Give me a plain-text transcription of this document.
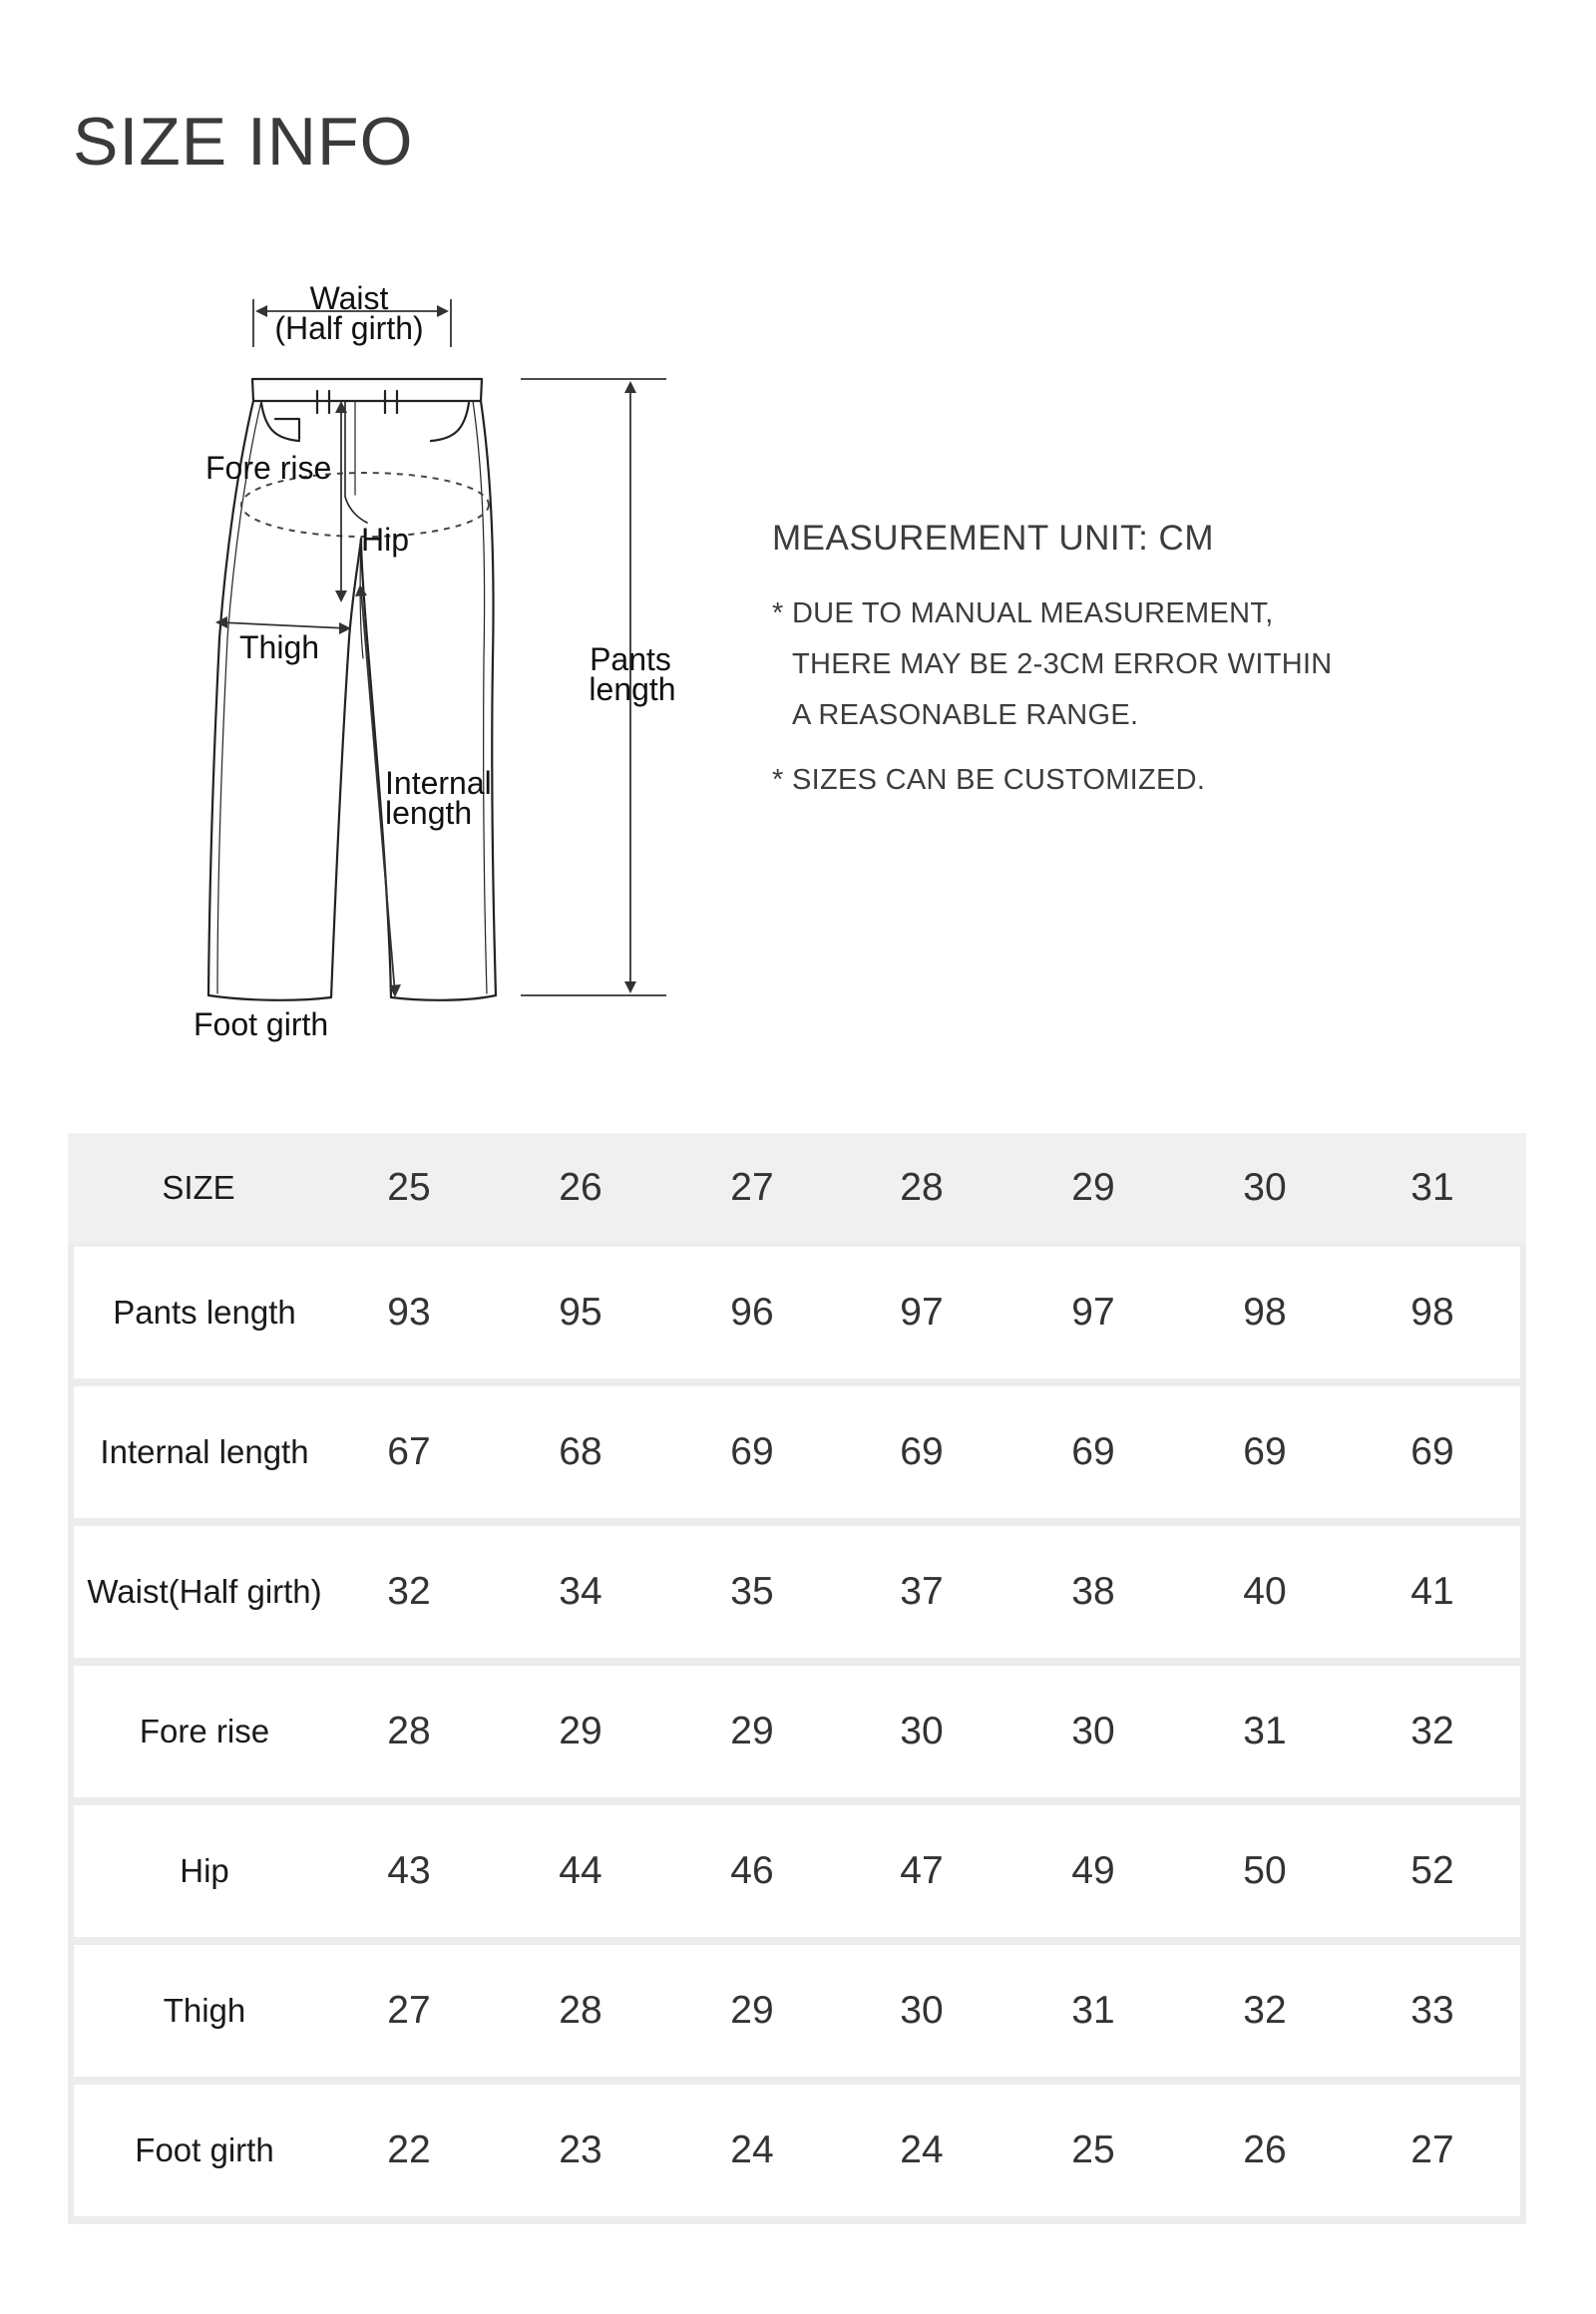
SIZE INFO
Waist
(Half girth)
Fore rise
Hip
Thigh
Internal
length
Pants
length
Foot girth

MEASUREMENT UNIT: CM

* DUE TO MANUAL MEASUREMENT,
THERE MAY BE 2-3CM ERROR WITHIN
A REASONABLE RANGE.

* SIZES CAN BE CUSTOMIZED.

SIZE	25	26	27	28	29	30	31
Pants length	93	95	96	97	97	98	98
Internal length	67	68	69	69	69	69	69
Waist(Half girth)	32	34	35	37	38	40	41
Fore rise	28	29	29	30	30	31	32
Hip	43	44	46	47	49	50	52
Thigh	27	28	29	30	31	32	33
Foot girth	22	23	24	24	25	26	27
